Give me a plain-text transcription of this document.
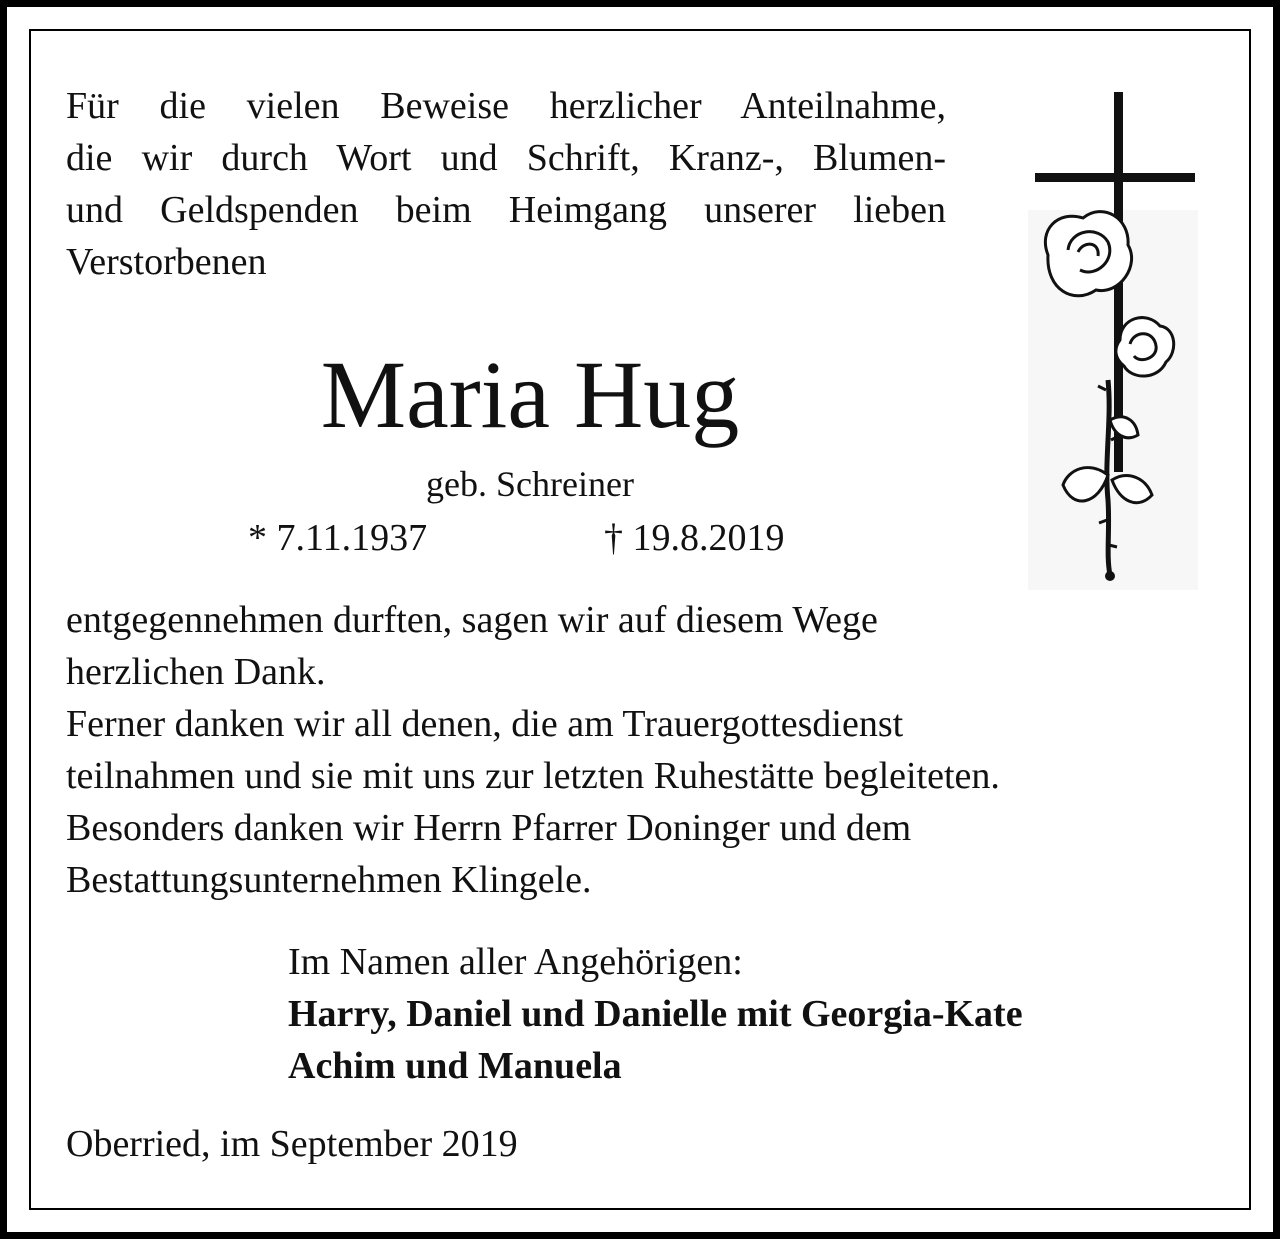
Für die vielen Beweise herzlicher Anteilnahme,
die wir durch Wort und Schrift, Kranz-, Blumen-
und Geldspenden beim Heimgang unserer lieben
Verstorbenen
Maria Hug
geb. Schreiner
* 7.11.1937	† 19.8.2019
entgegennehmen durften, sagen wir auf diesem Wege
herzlichen Dank.
Ferner danken wir all denen, die am Trauergottesdienst
teilnahmen und sie mit uns zur letzten Ruhestätte begleiteten.
Besonders danken wir Herrn Pfarrer Doninger und dem
Bestattungsunternehmen Klingele.
Im Namen aller Angehörigen:
Harry, Daniel und Danielle mit Georgia-Kate
Achim und Manuela
Oberried, im September 2019
